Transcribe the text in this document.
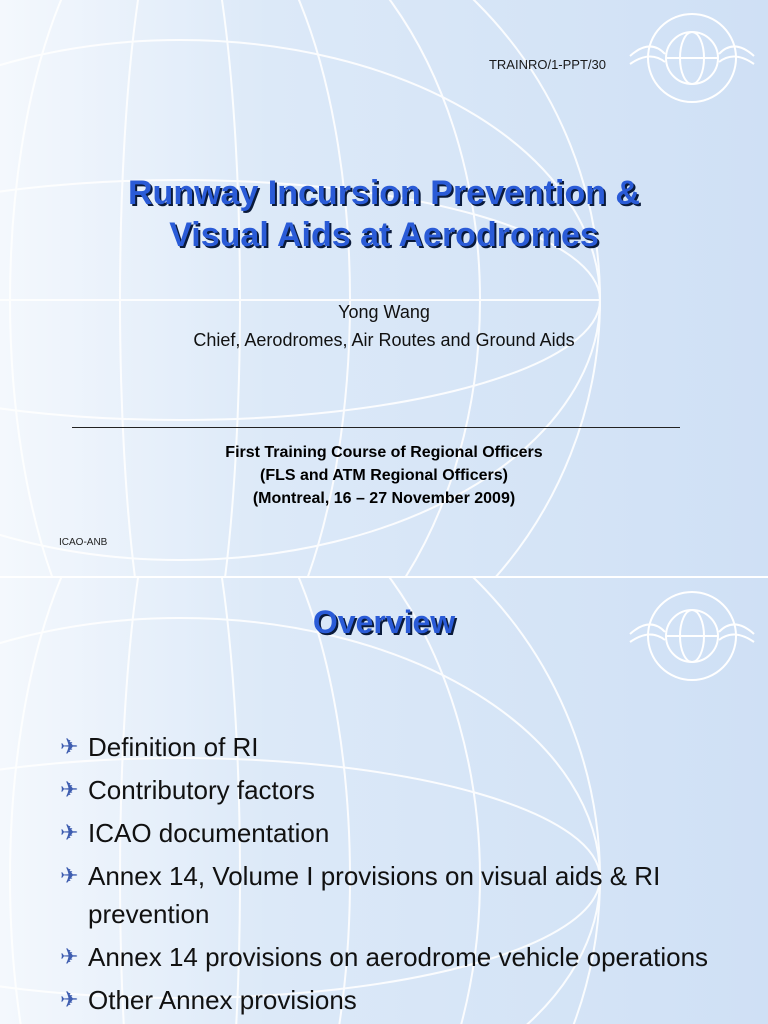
TRAINRO/1-PPT/30
Runway Incursion Prevention &
Visual Aids at Aerodromes
Yong Wang
Chief, Aerodromes, Air Routes and Ground Aids
First Training Course of Regional Officers
(FLS and ATM Regional Officers)
(Montreal, 16 – 27 November 2009)
ICAO-ANB
Overview
✈ Definition of RI
✈ Contributory factors
✈ ICAO documentation
✈ Annex 14, Volume I provisions on visual aids & RI prevention
✈ Annex 14 provisions on aerodrome vehicle operations
✈ Other Annex provisions
